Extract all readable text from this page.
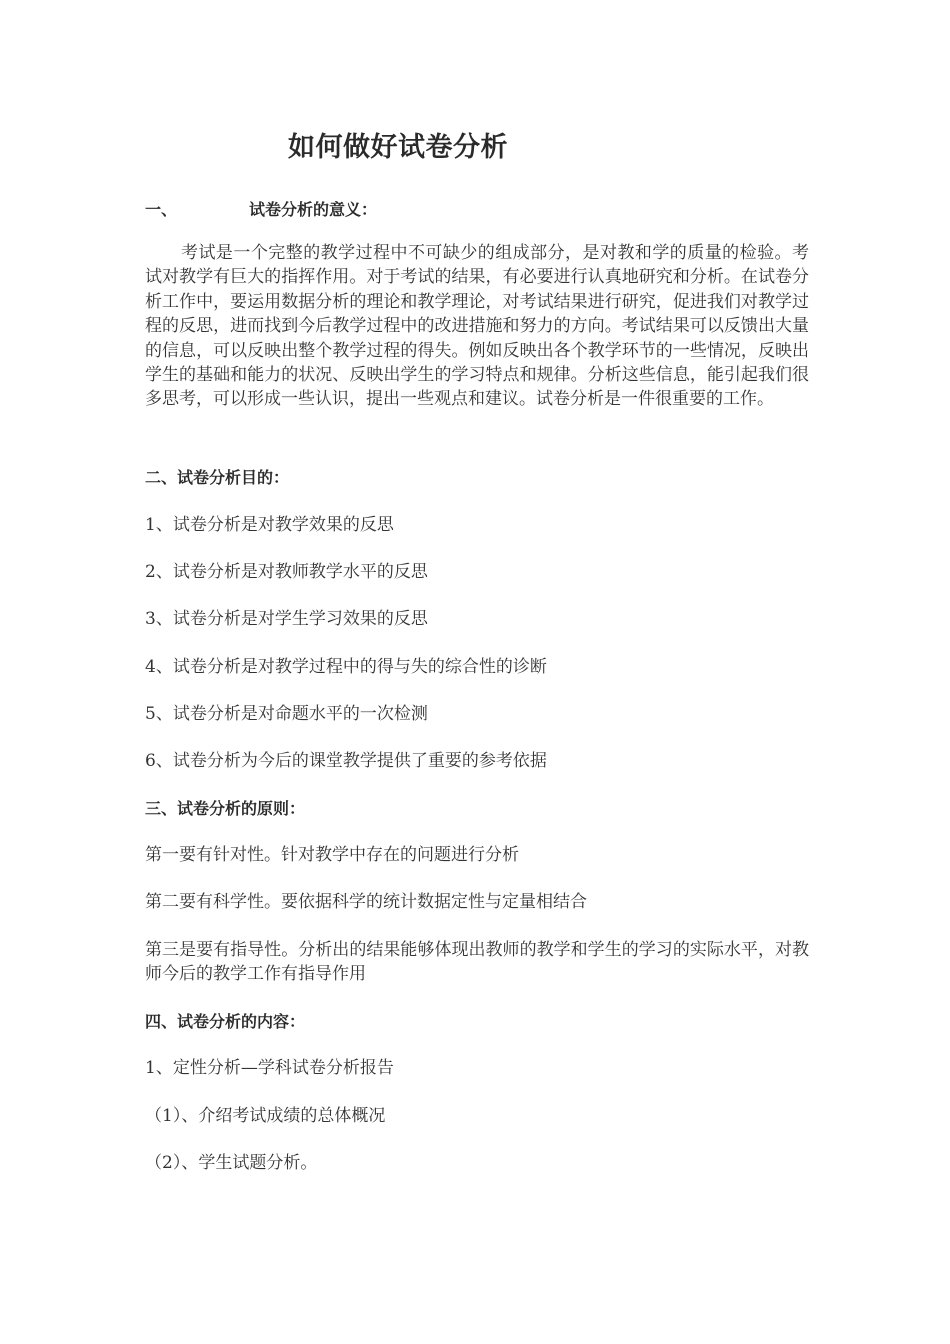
如何做好试卷分析
一、	试卷分析的意义：
考试是一个完整的教学过程中不可缺少的组成部分，是对教和学的质量的检验。考试对教学有巨大的指挥作用。对于考试的结果，有必要进行认真地研究和分析。在试卷分析工作中，要运用数据分析的理论和教学理论，对考试结果进行研究，促进我们对教学过程的反思，进而找到今后教学过程中的改进措施和努力的方向。考试结果可以反馈出大量的信息，可以反映出整个教学过程的得失。例如反映出各个教学环节的一些情况，反映出学生的基础和能力的状况、反映出学生的学习特点和规律。分析这些信息，能引起我们很多思考，可以形成一些认识，提出一些观点和建议。试卷分析是一件很重要的工作。
二、试卷分析目的：
1、试卷分析是对教学效果的反思
2、试卷分析是对教师教学水平的反思
3、试卷分析是对学生学习效果的反思
4、试卷分析是对教学过程中的得与失的综合性的诊断
5、试卷分析是对命题水平的一次检测
6、试卷分析为今后的课堂教学提供了重要的参考依据
三、试卷分析的原则：
第一要有针对性。针对教学中存在的问题进行分析
第二要有科学性。要依据科学的统计数据定性与定量相结合
第三是要有指导性。分析出的结果能够体现出教师的教学和学生的学习的实际水平，对教师今后的教学工作有指导作用
四、试卷分析的内容：
1、定性分析—学科试卷分析报告
（1）、介绍考试成绩的总体概况
（2）、学生试题分析。
